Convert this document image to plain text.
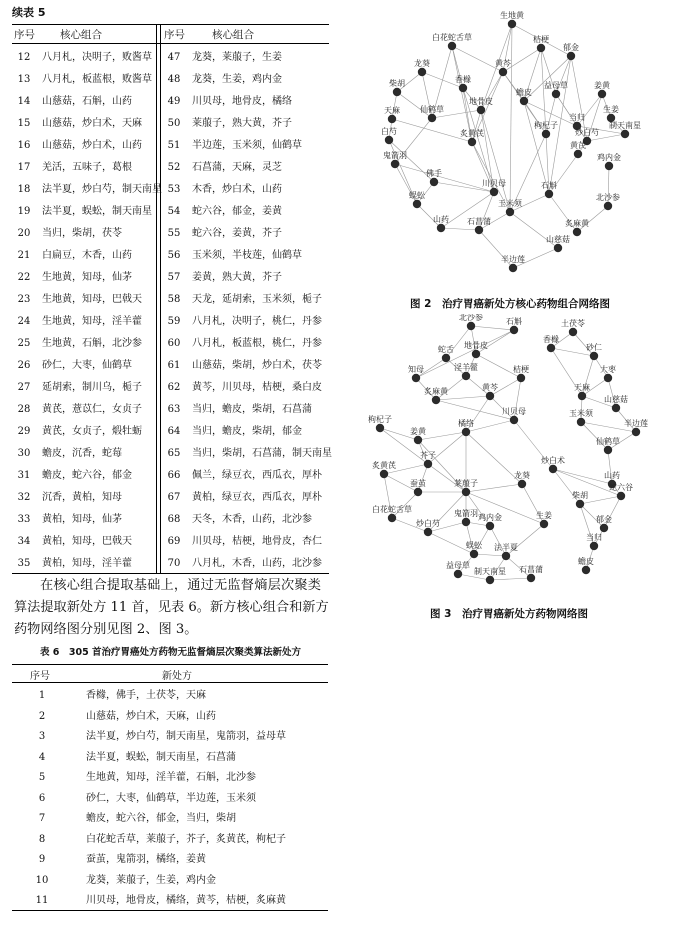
续表 5
序号 核心组合	序号	核心组合
12	八月札，决明子，败酱草
13	八月札，板蓝根，败酱草
14	山慈菇，石斛，山药
15	山慈菇，炒白术，天麻
16	山慈菇，炒白术，山药
17	羌活，五味子，葛根
18	法半夏，炒白芍，制天南星
19	法半夏，蜈蚣，制天南星
20	当归，柴胡，茯苓
21	白扁豆，木香，山药
22	生地黄，知母，仙茅
23	生地黄，知母，巴戟天
24	生地黄，知母，淫羊藿
25	生地黄，石斛，北沙参
26	砂仁，大枣，仙鹤草
27	延胡索，制川乌，栀子
28	黄芪，薏苡仁，女贞子
29	黄芪，女贞子，煅牡蛎
30	蟾皮，沉香，蛇莓
31	蟾皮，蛇六谷，郁金
32	沉香，黄柏，知母
33	黄柏，知母，仙茅
34	黄柏，知母，巴戟天
35	黄柏，知母，淫羊藿
47	龙葵，莱菔子，生姜
48	龙葵，生姜，鸡内金
49	川贝母，地骨皮，橘络
50	莱菔子，熟大黄，芥子
51	半边莲，玉米须，仙鹤草
52	石菖蒲，天麻，灵芝
53	木香，炒白术，山药
54	蛇六谷，郁金，姜黄
55	蛇六谷，姜黄，芥子
56	玉米须，半枝莲，仙鹤草
57	姜黄，熟大黄，芥子
58	天龙，延胡索，玉米须，栀子
59	八月札，决明子，桃仁，丹参
60	八月札，板蓝根，桃仁，丹参
61	山慈菇，柴胡，炒白术，茯苓
62	黄芩，川贝母，桔梗，桑白皮
63	当归，蟾皮，柴胡，石菖蒲
64	当归，蟾皮，柴胡，郁金
65	当归，柴胡，石菖蒲，制天南星
66	佩兰，绿豆衣，西瓜衣，厚朴
67	黄柏，绿豆衣，西瓜衣，厚朴
68	天冬，木香，山药，北沙参
69	川贝母，桔梗，地骨皮，杏仁
70	八月札，木香，山药，北沙参
在核心组合提取基础上，通过无监督熵层次聚类
算法提取新处方 11 首，见表 6。新方核心组合和新方
药物网络图分别见图 2、图 3。
表 6　305 首治疗胃癌处方药物无监督熵层次聚类算法新处方
序号	新处方
1	香橼，佛手，土茯苓，天麻
2	山慈菇，炒白术，天麻，山药
3	法半夏，炒白芍，制天南星，鬼箭羽，益母草
4	法半夏，蜈蚣，制天南星，石菖蒲
5	生地黄，知母，淫羊藿，石斛，北沙参
6	砂仁，大枣，仙鹤草，半边莲，玉米须
7	蟾皮，蛇六谷，郁金，当归，柴胡
8	白花蛇舌草，莱菔子，芥子，炙黄芪，枸杞子
9	蚕茧，鬼箭羽，橘络，姜黄
10	龙葵，莱菔子，生姜，鸡内金
11	川贝母，地骨皮，橘络，黄芩，桔梗，炙麻黄
生地黄
白花蛇舌草	桔梗
郁金
龙葵	黄芩
柴胡	香橼
益母草	姜黄
天麻	仙鹤草
地骨皮
蟾皮
当归
生姜
白芍	炙黄芪
鬼箭羽
枸杞子	制天南星
炒白芍
黄芪
鸡内金
佛手
川贝母	石斛
北沙参
蜈蚣
玉米须
山药 石菖蒲	炙麻黄
山慈菇
半边莲
图 2　治疗胃癌新处方核心药物组合网络图
北沙参	石斛
蛇舌
土茯苓
地骨皮
香橼
知母	淫羊藿	桔梗
砂仁
炙麻黄	黄芩
大枣
天麻
川贝母
山慈菇
枸杞子	橘络
玉米须
半边莲
姜黄
仙鹤草
芥子
炒白术
炙黄芪
蚕茧
龙葵	山药
白花蛇舌草
莱菔子
柴胡
蛇六谷
鬼箭羽
炒白芍
鸡内金	生姜	郁金
当归
蜈蚣 法半夏
蟾皮
益母草
制天南星 石菖蒲
图 3　治疗胃癌新处方药物网络图
